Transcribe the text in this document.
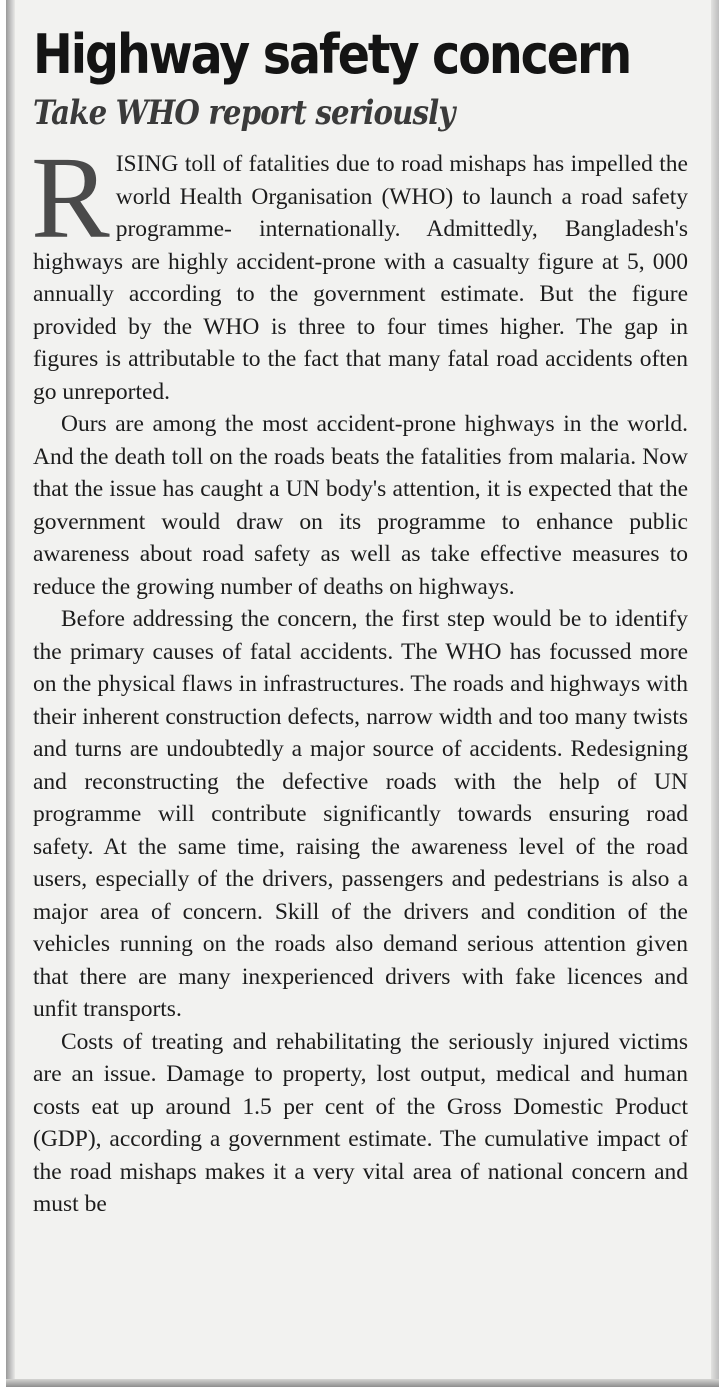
Highway safety concern
Take WHO report seriously

RISING toll of fatalities due to road mishaps has impelled the world Health Organisation (WHO) to launch a road safety programme- internationally. Admittedly, Bangladesh's highways are highly accident-prone with a casualty figure at 5, 000 annually according to the government estimate. But the figure provided by the WHO is three to four times higher. The gap in figures is attributable to the fact that many fatal road accidents often go unreported.

Ours are among the most accident-prone highways in the world. And the death toll on the roads beats the fatalities from malaria. Now that the issue has caught a UN body's attention, it is expected that the government would draw on its programme to enhance public awareness about road safety as well as take effective measures to reduce the growing number of deaths on highways.

Before addressing the concern, the first step would be to identify the primary causes of fatal accidents. The WHO has focussed more on the physical flaws in infrastructures. The roads and highways with their inherent construction defects, narrow width and too many twists and turns are undoubtedly a major source of accidents. Redesigning and reconstructing the defective roads with the help of UN programme will contribute significantly towards ensuring road safety. At the same time, raising the awareness level of the road users, especially of the drivers, passengers and pedestrians is also a major area of concern. Skill of the drivers and condition of the vehicles running on the roads also demand serious attention given that there are many inexperienced drivers with fake licences and unfit transports.

Costs of treating and rehabilitating the seriously injured victims are an issue. Damage to property, lost output, medical and human costs eat up around 1.5 per cent of the Gross Domestic Product (GDP), according a government estimate. The cumulative impact of the road mishaps makes it a very vital area of national concern and must be
